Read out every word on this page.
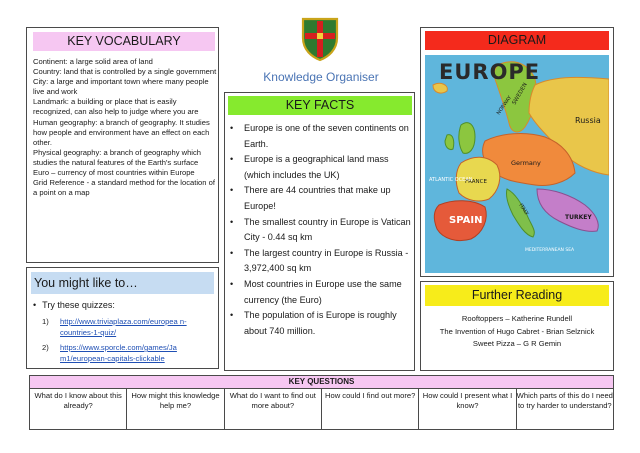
KEY VOCABULARY
Continent: a large solid area of land
Country: land that is controlled by a single government
City: a large and important town where many people live and work
Landmark: a building or place that is easily recognized, can also help to judge where you are
Human geography: a branch of geography. It studies how people and environment have an effect on each other.
Physical geography: a branch of geography which studies the natural features of the Earth's surface
Euro – currency of most countries within Europe
Grid Reference - a standard method for the location of a point on a map
You might like to…
• Try these quizzes:
1) http://www.triviaplaza.com/europea n-countries-1-quiz/
2) https://www.sporcle.com/games/Ja m1/european-capitals-clickable
Knowledge Organiser
KEY FACTS
• Europe is one of the seven continents on Earth.
• Europe is a geographical land mass (which includes the UK)
• There are 44 countries that make up Europe!
• The smallest country in Europe is Vatican City - 0.44 sq km
• The largest country in Europe is Russia - 3,972,400 sq km
• Most countries in Europe use the same currency (the Euro)
• The population of is Europe is roughly about 740 million.
DIAGRAM
EUROPE
SWEDEN
Russia
Germany
FRANCE
SPAIN
ITALY
TURKEY
ATLANTIC OCEAN
NORWAY
MEDITERRANEAN SEA
Further Reading
Rooftoppers – Katherine Rundell
The Invention of Hugo Cabret - Brian Selznick
Sweet Pizza – G R Gemin
KEY QUESTIONS
What do I know about this already?
How might this knowledge help me?
What do I want to find out more about?
How could I find out more? How could I present what I know?
Which parts of this do I need to try harder to understand?
